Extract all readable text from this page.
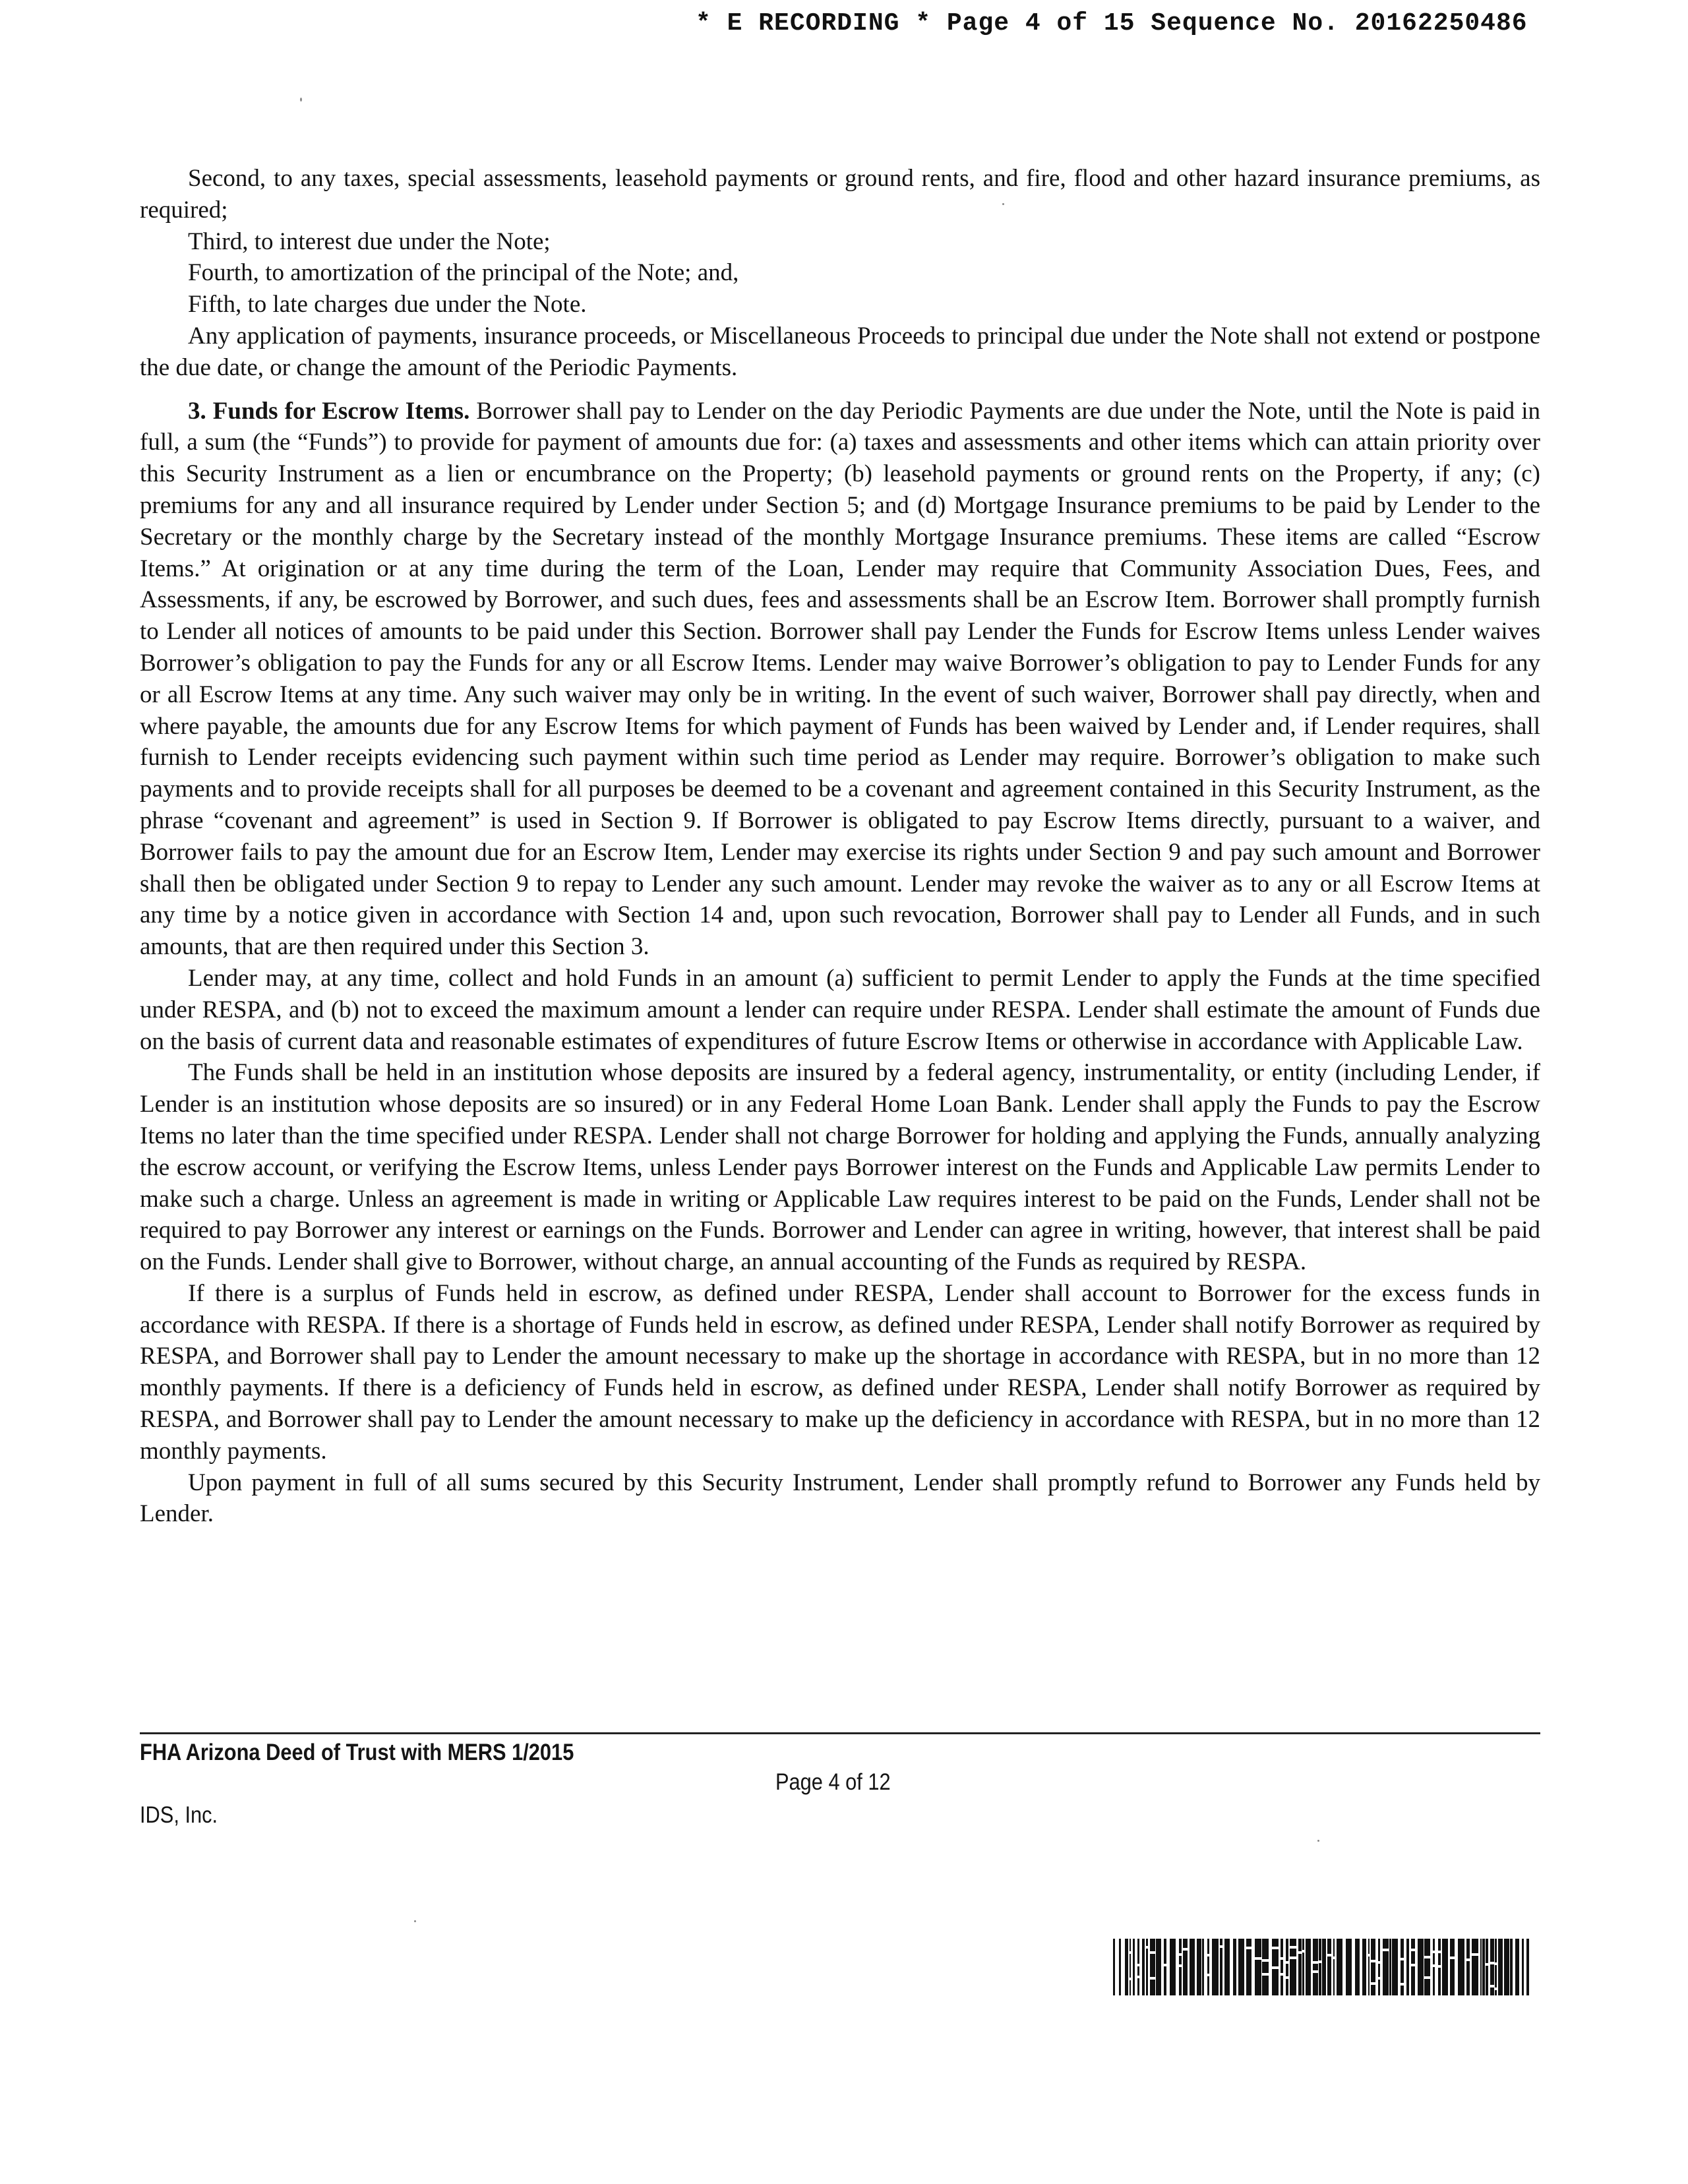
* E RECORDING * Page 4 of 15 Sequence No. 20162250486

Second, to any taxes, special assessments, leasehold payments or ground rents, and fire, flood and other hazard insurance premiums, as required;

Third, to interest due under the Note;

Fourth, to amortization of the principal of the Note; and,

Fifth, to late charges due under the Note.

Any application of payments, insurance proceeds, or Miscellaneous Proceeds to principal due under the Note shall not extend or postpone the due date, or change the amount of the Periodic Payments.

3. Funds for Escrow Items. Borrower shall pay to Lender on the day Periodic Payments are due under the Note, until the Note is paid in full, a sum (the “Funds”) to provide for payment of amounts due for: (a) taxes and assessments and other items which can attain priority over this Security Instrument as a lien or encumbrance on the Property; (b) leasehold payments or ground rents on the Property, if any; (c) premiums for any and all insurance required by Lender under Section 5; and (d) Mortgage Insurance premiums to be paid by Lender to the Secretary or the monthly charge by the Secretary instead of the monthly Mortgage Insurance premiums. These items are called “Escrow Items.” At origination or at any time during the term of the Loan, Lender may require that Community Association Dues, Fees, and Assessments, if any, be escrowed by Borrower, and such dues, fees and assessments shall be an Escrow Item. Borrower shall promptly furnish to Lender all notices of amounts to be paid under this Section. Borrower shall pay Lender the Funds for Escrow Items unless Lender waives Borrower’s obligation to pay the Funds for any or all Escrow Items. Lender may waive Borrower’s obligation to pay to Lender Funds for any or all Escrow Items at any time. Any such waiver may only be in writing. In the event of such waiver, Borrower shall pay directly, when and where payable, the amounts due for any Escrow Items for which payment of Funds has been waived by Lender and, if Lender requires, shall furnish to Lender receipts evidencing such payment within such time period as Lender may require. Borrower’s obligation to make such payments and to provide receipts shall for all purposes be deemed to be a covenant and agreement contained in this Security Instrument, as the phrase “covenant and agreement” is used in Section 9. If Borrower is obligated to pay Escrow Items directly, pursuant to a waiver, and Borrower fails to pay the amount due for an Escrow Item, Lender may exercise its rights under Section 9 and pay such amount and Borrower shall then be obligated under Section 9 to repay to Lender any such amount. Lender may revoke the waiver as to any or all Escrow Items at any time by a notice given in accordance with Section 14 and, upon such revocation, Borrower shall pay to Lender all Funds, and in such amounts, that are then required under this Section 3.

Lender may, at any time, collect and hold Funds in an amount (a) sufficient to permit Lender to apply the Funds at the time specified under RESPA, and (b) not to exceed the maximum amount a lender can require under RESPA. Lender shall estimate the amount of Funds due on the basis of current data and reasonable estimates of expenditures of future Escrow Items or otherwise in accordance with Applicable Law.

The Funds shall be held in an institution whose deposits are insured by a federal agency, instrumentality, or entity (including Lender, if Lender is an institution whose deposits are so insured) or in any Federal Home Loan Bank. Lender shall apply the Funds to pay the Escrow Items no later than the time specified under RESPA. Lender shall not charge Borrower for holding and applying the Funds, annually analyzing the escrow account, or verifying the Escrow Items, unless Lender pays Borrower interest on the Funds and Applicable Law permits Lender to make such a charge. Unless an agreement is made in writing or Applicable Law requires interest to be paid on the Funds, Lender shall not be required to pay Borrower any interest or earnings on the Funds. Borrower and Lender can agree in writing, however, that interest shall be paid on the Funds. Lender shall give to Borrower, without charge, an annual accounting of the Funds as required by RESPA.

If there is a surplus of Funds held in escrow, as defined under RESPA, Lender shall account to Borrower for the excess funds in accordance with RESPA. If there is a shortage of Funds held in escrow, as defined under RESPA, Lender shall notify Borrower as required by RESPA, and Borrower shall pay to Lender the amount necessary to make up the shortage in accordance with RESPA, but in no more than 12 monthly payments. If there is a deficiency of Funds held in escrow, as defined under RESPA, Lender shall notify Borrower as required by RESPA, and Borrower shall pay to Lender the amount necessary to make up the deficiency in accordance with RESPA, but in no more than 12 monthly payments.

Upon payment in full of all sums secured by this Security Instrument, Lender shall promptly refund to Borrower any Funds held by Lender.

FHA Arizona Deed of Trust with MERS 1/2015
Page 4 of 12
IDS, Inc.
